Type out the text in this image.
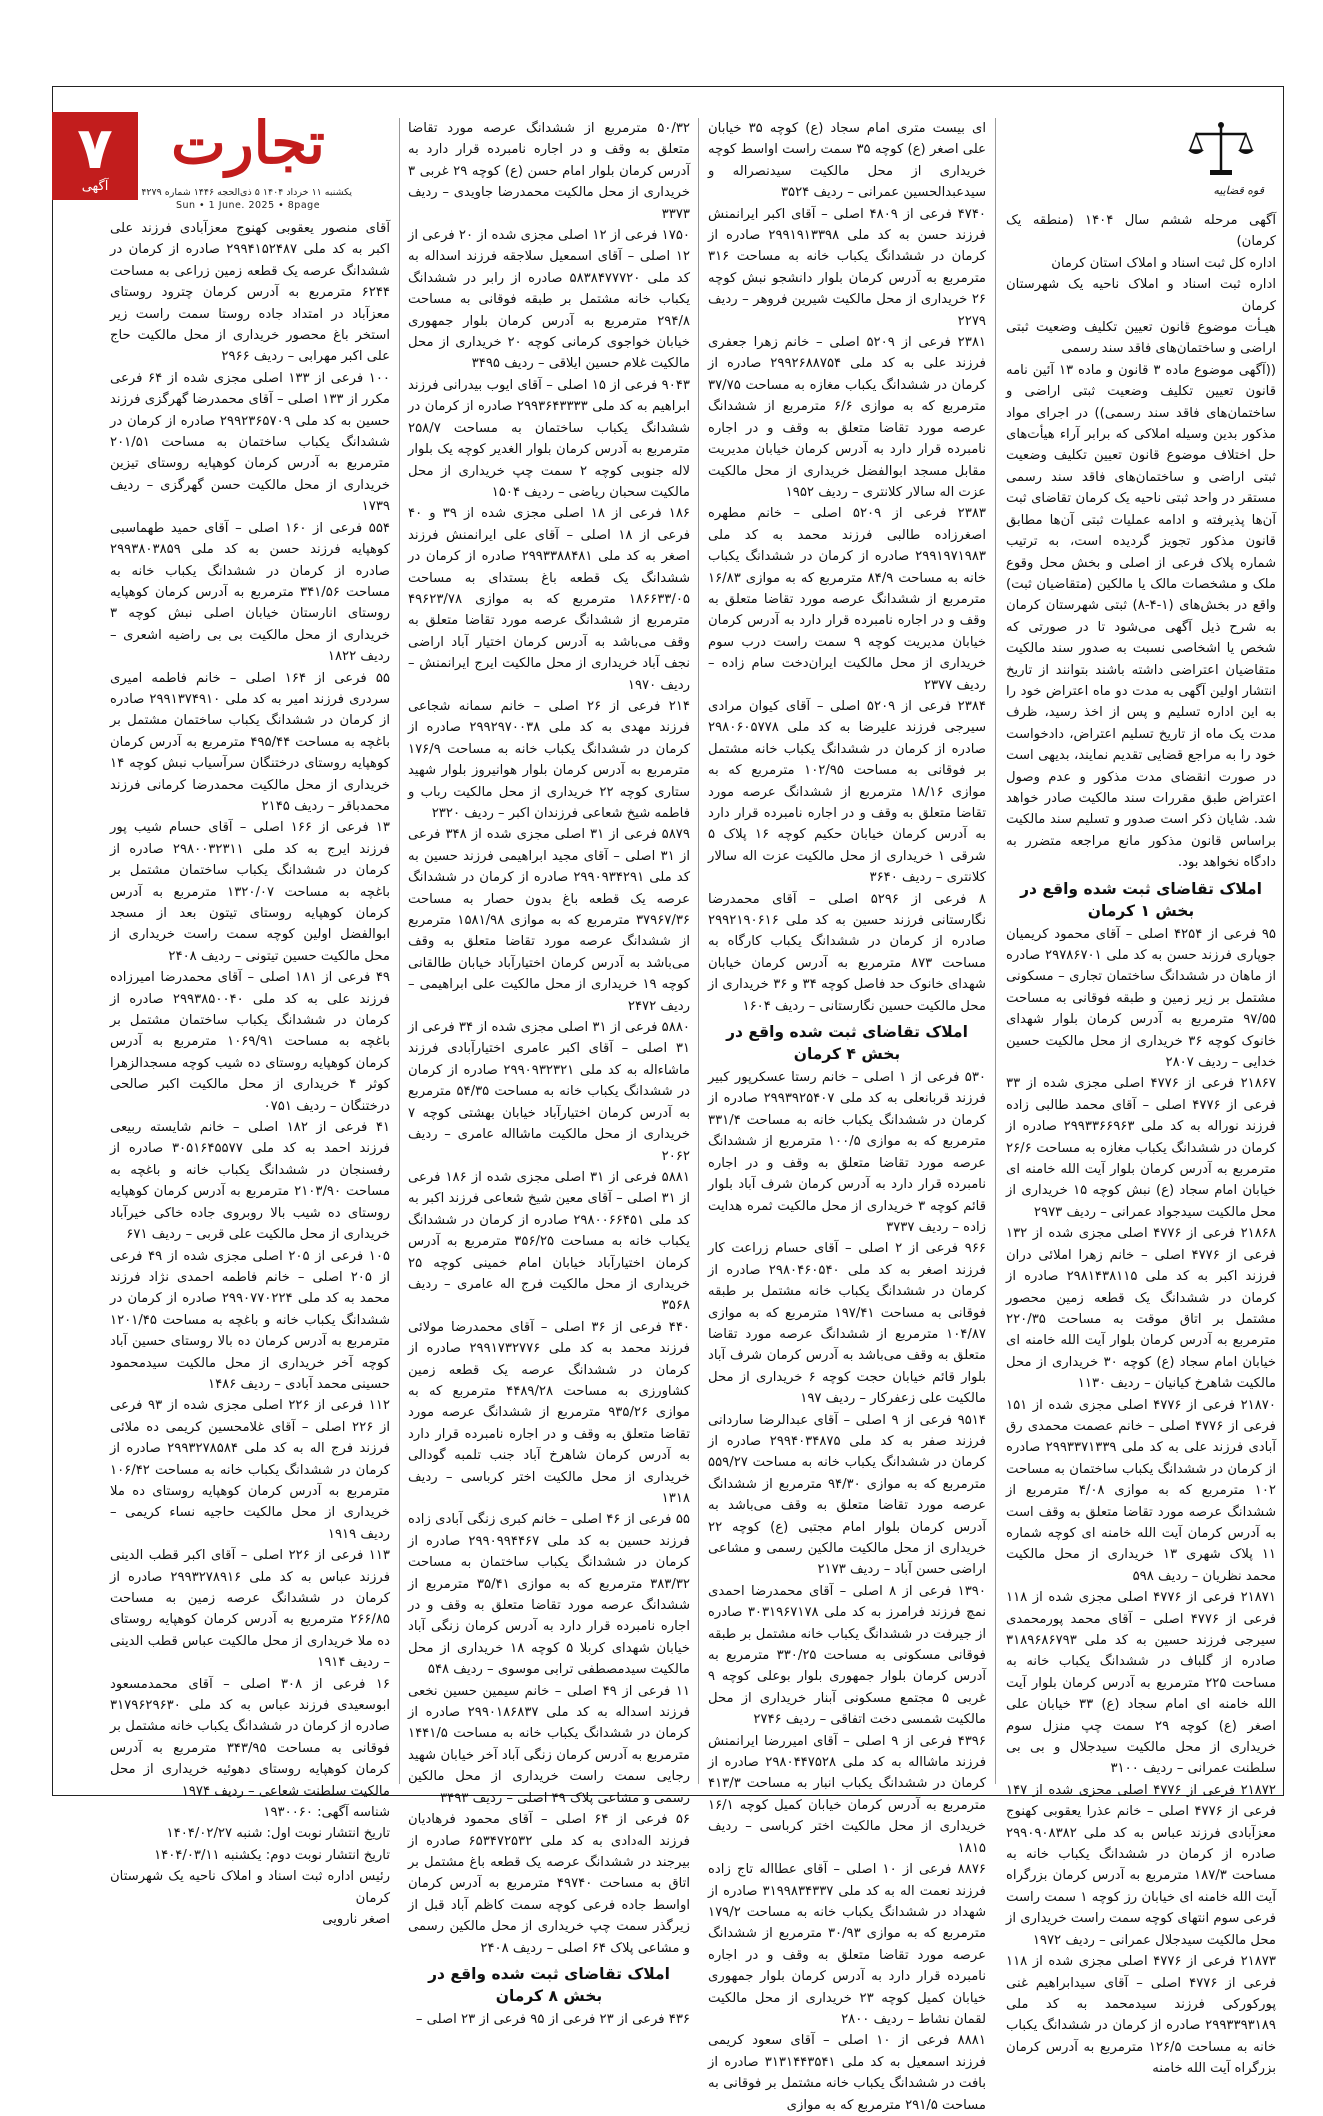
۷
آگهی
تجارت
یکشنبه ۱۱ خرداد ۱۴۰۴ ۵ ذی‌الحجه ۱۴۴۶ شماره ۴۲۷۹
Sun • 1 June. 2025 • 8page
قوه قضاییه

آگهی مرحله ششم سال ۱۴۰۴ (منطقه یک کرمان)

اداره کل ثبت اسناد و املاک استان کرمان

اداره ثبت اسناد و املاک ناحیه یک شهرستان کرمان

هیـأت موضوع قانون تعیین تکلیف وضعیت ثبتی اراضی و ساختمان‌های فاقد سند رسمی

((آگهی موضوع ماده ۳ قانون و ماده ۱۳ آئین نامه قانون تعیین تکلیف وضعیت ثبتی اراضی و ساختمان‌های فاقد سند رسمی)) در اجرای مواد مذکور بدین وسیله املاکی که برابر آراء هیأت‌های حل اختلاف موضوع قانون تعیین تکلیف وضعیت ثبتی اراضی و ساختمان‌های فاقد سند رسمی مستقر در واحد ثبتی ناحیه یک کرمان تقاضای ثبت آن‌ها پذیرفته و ادامه عملیات ثبتی آن‌ها مطابق قانون مذکور تجویز گردیده است، به ترتیب شماره پلاک فرعی از اصلی و بخش محل وقوع ملک و مشخصات مالک یا مالکین (متقاضیان ثبت) واقع در بخش‌های (۱-۴-۸) ثبتی شهرستان کرمان به شرح ذیل آگهی می‌شود تا در صورتی که شخص یا اشخاصی نسبت به صدور سند مالکیت متقاضیان اعتراضی داشته باشند بتوانند از تاریخ انتشار اولین آگهی به مدت دو ماه اعتراض خود را به این اداره تسلیم و پس از اخذ رسید، ظرف مدت یک ماه از تاریخ تسلیم اعتراض، دادخواست خود را به مراجع قضایی تقدیم نمایند، بدیهی است در صورت انقضای مدت مذکور و عدم وصول اعتراض طبق مقررات سند مالکیت صادر خواهد شد. شایان ذکر است صدور و تسلیم سند مالکیت براساس قانون مذکور مانع مراجعه متضرر به دادگاه نخواهد بود.

املاک تقاضای ثبت شده واقع در بخش ۱ کرمان

۹۵ فرعی از ۴۲۵۴ اصلی – آقای محمود کریمیان جوپاری فرزند حسن به کد ملی ۲۹۷۸۶۷۰۱ صادره از ماهان در ششدانگ ساختمان تجاری – مسکونی مشتمل بر زیر زمین و طبقه فوقانی به مساحت ۹۷/۵۵ مترمربع به آدرس کرمان بلوار شهدای خانوک کوچه ۳۶ خریداری از محل مالکیت حسین خدایی – ردیف ۲۸۰۷

۲۱۸۶۷ فرعی از ۴۷۷۶ اصلی مجزی شده از ۳۳ فرعی از ۴۷۷۶ اصلی – آقای محمد طالبی زاده فرزند نوراله به کد ملی ۲۹۹۳۳۶۶۹۶۳ صادره از کرمان در ششدانگ یکباب مغازه به مساحت ۲۶/۶ مترمربع به آدرس کرمان بلوار آیت الله خامنه ای خیابان امام سجاد (ع) نبش کوچه ۱۵ خریداری از محل مالکیت سیدجواد عمرانی – ردیف ۲۹۷۳

۲۱۸۶۸ فرعی از ۴۷۷۶ اصلی مجزی شده از ۱۳۲ فرعی از ۴۷۷۶ اصلی – خانم زهرا املائی دران فرزند اکبر به کد ملی ۲۹۸۱۴۳۸۱۱۵ صادره از کرمان در ششدانگ یک قطعه زمین محصور مشتمل بر اتاق موقت به مساحت ۲۲۰/۳۵ مترمربع به آدرس کرمان بلوار آیت الله خامنه ای خیابان امام سجاد (ع) کوچه ۳۰ خریداری از محل مالکیت شاهرخ کیانیان – ردیف ۱۱۳۰

۲۱۸۷۰ فرعی از ۴۷۷۶ اصلی مجزی شده از ۱۵۱ فرعی از ۴۷۷۶ اصلی – خانم عصمت محمدی رق آبادی فرزند علی به کد ملی ۲۹۹۳۳۷۱۳۳۹ صادره از کرمان در ششدانگ یکباب ساختمان به مساحت ۱۰۲ مترمربع که به موازی ۴/۰۸ مترمربع از ششدانگ عرصه مورد تقاضا متعلق به وقف است به آدرس کرمان آیت الله خامنه ای کوچه شماره ۱۱ پلاک شهری ۱۳ خریداری از محل مالکیت محمد نظریان – ردیف ۵۹۸

۲۱۸۷۱ فرعی از ۴۷۷۶ اصلی مجزی شده از ۱۱۸ فرعی از ۴۷۷۶ اصلی – آقای محمد پورمحمدی سیرجی فرزند حسین به کد ملی ۳۱۸۹۶۸۶۷۹۳ صادره از گلباف در ششدانگ یکباب خانه به مساحت ۲۲۵ مترمربع به آدرس کرمان بلوار آیت الله خامنه ای امام سجاد (ع) ۳۳ خیابان علی اصغر (ع) کوچه ۲۹ سمت چپ منزل سوم خریداری از محل مالکیت سیدجلال و بی بی سلطنت عمرانی – ردیف ۳۱۰۰

۲۱۸۷۲ فرعی از ۴۷۷۶ اصلی مجزی شده از ۱۴۷ فرعی از ۴۷۷۶ اصلی – خانم عذرا یعقوبی کهنوج معزآبادی فرزند عباس به کد ملی ۲۹۹۰۹۰۸۳۸۲ صادره از کرمان در ششدانگ یکباب خانه به مساحت ۱۸۷/۳ مترمربع به آدرس کرمان بزرگراه آیت الله خامنه ای خیابان رز کوچه ۱ سمت راست فرعی سوم انتهای کوچه سمت راست خریداری از محل مالکیت سیدجلال عمرانی – ردیف ۱۹۷۲

۲۱۸۷۳ فرعی از ۴۷۷۶ اصلی مجزی شده از ۱۱۸ فرعی از ۴۷۷۶ اصلی – آقای سیدابراهیم غنی پورکورکی فرزند سیدمحمد به کد ملی ۲۹۹۳۳۹۳۱۸۹ صادره از کرمان در ششدانگ یکباب خانه به مساحت ۱۲۶/۵ مترمربع به آدرس کرمان بزرگراه آیت الله خامنه

ای بیست متری امام سجاد (ع) کوچه ۳۵ خیابان علی اصغر (ع) کوچه ۳۵ سمت راست اواسط کوچه خریداری از محل مالکیت سیدنصراله و سیدعبدالحسین عمرانی – ردیف ۳۵۲۴

۴۷۴۰ فرعی از ۴۸۰۹ اصلی – آقای اکبر ایرانمنش فرزند حسن به کد ملی ۲۹۹۱۹۱۳۳۹۸ صادره از کرمان در ششدانگ یکباب خانه به مساحت ۳۱۶ مترمربع به آدرس کرمان بلوار دانشجو نبش کوچه ۲۶ خریداری از محل مالکیت شیرین فروهر – ردیف ۲۲۷۹

۲۳۸۱ فرعی از ۵۲۰۹ اصلی – خانم زهرا جعفری فرزند علی به کد ملی ۲۹۹۲۶۸۸۷۵۴ صادره از کرمان در ششدانگ یکباب مغازه به مساحت ۳۷/۷۵ مترمربع که به موازی ۶/۶ مترمربع از ششدانگ عرصه مورد تقاضا متعلق به وقف و در اجاره نامبرده قرار دارد به آدرس کرمان خیابان مدیریت مقابل مسجد ابوالفضل خریداری از محل مالکیت عزت اله سالار کلانتری – ردیف ۱۹۵۲

۲۳۸۳ فرعی از ۵۲۰۹ اصلی – خانم مطهره اصغرزاده طالبی فرزند محمد به کد ملی ۲۹۹۱۹۷۱۹۸۳ صادره از کرمان در ششدانگ یکباب خانه به مساحت ۸۴/۹ مترمربع که به موازی ۱۶/۸۳ مترمربع از ششدانگ عرصه مورد تقاضا متعلق به وقف و در اجاره نامبرده قرار دارد به آدرس کرمان خیابان مدیریت کوچه ۹ سمت راست درب سوم خریداری از محل مالکیت ایران‌دخت سام زاده – ردیف ۲۳۷۷

۲۳۸۴ فرعی از ۵۲۰۹ اصلی – آقای کیوان مرادی سیرجی فرزند علیرضا به کد ملی ۲۹۸۰۶۰۵۷۷۸ صادره از کرمان در ششدانگ یکباب خانه مشتمل بر فوقانی به مساحت ۱۰۲/۹۵ مترمربع که به موازی ۱۸/۱۶ مترمربع از ششدانگ عرصه مورد تقاضا متعلق به وقف و در اجاره نامبرده قرار دارد به آدرس کرمان خیابان حکیم کوچه ۱۶ پلاک ۵ شرقی ۱ خریداری از محل مالکیت عزت اله سالار کلانتری – ردیف ۳۶۴۰

۸ فرعی از ۵۲۹۶ اصلی – آقای محمدرضا نگارستانی فرزند حسین به کد ملی ۲۹۹۲۱۹۰۶۱۶ صادره از کرمان در ششدانگ یکباب کارگاه به مساحت ۸۷۳ مترمربع به آدرس کرمان خیابان شهدای خانوک حد فاصل کوچه ۳۴ و ۳۶ خریداری از محل مالکیت حسین نگارستانی – ردیف ۱۶۰۴

املاک تقاضای ثبت شده واقع در بخش ۴ کرمان

۵۳۰ فرعی از ۱ اصلی – خانم رستا عسکرپور کبیر فرزند قربانعلی به کد ملی ۲۹۹۳۹۲۵۴۰۷ صادره از کرمان در ششدانگ یکباب خانه به مساحت ۳۳۱/۴ مترمربع که به موازی ۱۰۰/۵ مترمربع از ششدانگ عرصه مورد تقاضا متعلق به وقف و در اجاره نامبرده قرار دارد به آدرس کرمان شرف آباد بلوار قائم کوچه ۳ خریداری از محل مالکیت ثمره هدایت زاده – ردیف ۳۷۳۷

۹۶۶ فرعی از ۲ اصلی – آقای حسام زراعت کار فرزند اصغر به کد ملی ۲۹۸۰۴۶۰۵۴۰ صادره از کرمان در ششدانگ یکباب خانه مشتمل بر طبقه فوقانی به مساحت ۱۹۷/۴۱ مترمربع که به موازی ۱۰۴/۸۷ مترمربع از ششدانگ عرصه مورد تقاضا متعلق به وقف می‌باشد به آدرس کرمان شرف آباد بلوار قائم خیابان حجت کوچه ۶ خریداری از محل مالکیت علی زعفرکار – ردیف ۱۹۷

۹۵۱۴ فرعی از ۹ اصلی – آقای عبدالرضا ساردانی فرزند صفر به کد ملی ۲۹۹۴۰۳۴۸۷۵ صادره از کرمان در ششدانگ یکباب خانه به مساحت ۵۵۹/۲۷ مترمربع که به موازی ۹۴/۳۰ مترمربع از ششدانگ عرصه مورد تقاضا متعلق به وقف می‌باشد به آدرس کرمان بلوار امام مجتبی (ع) کوچه ۲۲ خریداری از محل مالکیت مالکین رسمی و مشاعی اراضی حسن آباد – ردیف ۲۱۷۳

۱۳۹۰ فرعی از ۸ اصلی – آقای محمدرضا احمدی نمچ فرزند فرامرز به کد ملی ۳۰۳۱۹۶۷۱۷۸ صادره از جیرفت در ششدانگ یکباب خانه مشتمل بر طبقه فوقانی مسکونی به مساحت ۳۳۰/۲۵ مترمربع به آدرس کرمان بلوار جمهوری بلوار بوعلی کوچه ۹ غربی ۵ مجتمع مسکونی آبنار خریداری از محل مالکیت شمسی دخت اتفاقی – ردیف ۲۷۴۶

۴۳۹۶ فرعی از ۹ اصلی – آقای امیررضا ایرانمنش فرزند ماشااله به کد ملی ۲۹۸۰۴۴۷۵۲۸ صادره از کرمان در ششدانگ یکباب انبار به مساحت ۴۱۳/۳ مترمربع به آدرس کرمان خیابان کمیل کوچه ۱۶/۱ خریداری از محل مالکیت اختر کرباسی – ردیف ۱۸۱۵

۸۸۷۶ فرعی از ۱۰ اصلی – آقای عطااله تاج زاده فرزند نعمت اله به کد ملی ۳۱۹۹۸۳۴۳۳۷ صادره از شهداد در ششدانگ یکباب خانه به مساحت ۱۷۹/۲ مترمربع که به موازی ۳۰/۹۳ مترمربع از ششدانگ عرصه مورد تقاضا متعلق به وقف و در اجاره نامبرده قرار دارد به آدرس کرمان بلوار جمهوری خیابان کمیل کوچه ۲۳ خریداری از محل مالکیت لقمان نشاط – ردیف ۲۸۰۰

۸۸۸۱ فرعی از ۱۰ اصلی – آقای سعود کریمی فرزند اسمعیل به کد ملی ۳۱۳۱۴۴۳۵۴۱ صادره از بافت در ششدانگ یکباب خانه مشتمل بر فوقانی به مساحت ۲۹۱/۵ مترمربع که به موازی

۵۰/۳۲ مترمربع از ششدانگ عرصه مورد تقاضا متعلق به وقف و در اجاره نامبرده قرار دارد به آدرس کرمان بلوار امام حسن (ع) کوچه ۲۹ غربی ۳ خریداری از محل مالکیت محمدرضا جاویدی – ردیف ۳۳۷۳

۱۷۵۰ فرعی از ۱۲ اصلی مجزی شده از ۲۰ فرعی از ۱۲ اصلی – آقای اسمعیل سلاجقه فرزند اسداله به کد ملی ۵۸۳۸۴۷۷۷۲۰ صادره از رابر در ششدانگ یکباب خانه مشتمل بر طبقه فوقانی به مساحت ۲۹۴/۸ مترمربع به آدرس کرمان بلوار جمهوری خیابان خواجوی کرمانی کوچه ۲۰ خریداری از محل مالکیت غلام حسین ایلاقی – ردیف ۳۴۹۵

۹۰۴۳ فرعی از ۱۵ اصلی – آقای ایوب بیدرانی فرزند ابراهیم به کد ملی ۲۹۹۳۶۴۳۳۳۳ صادره از کرمان در ششدانگ یکباب ساختمان به مساحت ۲۵۸/۷ مترمربع به آدرس کرمان بلوار الغدیر کوچه یک بلوار لاله جنوبی کوچه ۲ سمت چپ خریداری از محل مالکیت سحبان ریاضی – ردیف ۱۵۰۴

۱۸۶ فرعی از ۱۸ اصلی مجزی شده از ۳۹ و ۴۰ فرعی از ۱۸ اصلی – آقای علی ایرانمنش فرزند اصغر به کد ملی ۲۹۹۳۳۸۸۴۸۱ صادره از کرمان در ششدانگ یک قطعه باغ بستدای به مساحت ۱۸۶۶۳۳/۰۵ مترمربع که به موازی ۴۹۶۲۳/۷۸ مترمربع از ششدانگ عرصه مورد تقاضا متعلق به وقف می‌باشد به آدرس کرمان اختیار آباد اراضی نجف آباد خریداری از محل مالکیت ایرج ایرانمنش – ردیف ۱۹۷۰

۲۱۴ فرعی از ۲۶ اصلی – خانم سمانه شجاعی فرزند مهدی به کد ملی ۲۹۹۲۹۷۰۰۳۸ صادره از کرمان در ششدانگ یکباب خانه به مساحت ۱۷۶/۹ مترمربع به آدرس کرمان بلوار هوانیروز بلوار شهید ستاری کوچه ۲۲ خریداری از محل مالکیت رباب و فاطمه شیخ شعاعی فرزندان اکبر – ردیف ۲۳۲۰

۵۸۷۹ فرعی از ۳۱ اصلی مجزی شده از ۳۴۸ فرعی از ۳۱ اصلی – آقای مجید ابراهیمی فرزند حسین به کد ملی ۲۹۹۰۹۳۴۲۹۱ صادره از کرمان در ششدانگ عرصه یک قطعه باغ بدون حصار به مساحت ۳۷۹۶۷/۳۶ مترمربع که به موازی ۱۵۸۱/۹۸ مترمربع از ششدانگ عرصه مورد تقاضا متعلق به وقف می‌باشد به آدرس کرمان اختیارآباد خیابان طالقانی کوچه ۱۹ خریداری از محل مالکیت علی ابراهیمی – ردیف ۲۴۷۲

۵۸۸۰ فرعی از ۳۱ اصلی مجزی شده از ۳۴ فرعی از ۳۱ اصلی – آقای اکبر عامری اختیارآبادی فرزند ماشاءاله به کد ملی ۲۹۹۰۹۳۲۳۲۱ صادره از کرمان در ششدانگ یکباب خانه به مساحت ۵۴/۳۵ مترمربع به آدرس کرمان اختیارآباد خیابان بهشتی کوچه ۷ خریداری از محل مالکیت ماشااله عامری – ردیف ۲۰۶۲

۵۸۸۱ فرعی از ۳۱ اصلی مجزی شده از ۱۸۶ فرعی از ۳۱ اصلی – آقای معین شیخ شعاعی فرزند اکبر به کد ملی ۲۹۸۰۰۶۶۴۵۱ صادره از کرمان در ششدانگ یکباب خانه به مساحت ۳۵۶/۲۵ مترمربع به آدرس کرمان اختیارآباد خیابان امام خمینی کوچه ۲۵ خریداری از محل مالکیت فرج اله عامری – ردیف ۳۵۶۸

۴۴۰ فرعی از ۳۶ اصلی – آقای محمدرضا مولائی فرزند محمد به کد ملی ۲۹۹۱۷۳۲۷۷۶ صادره از کرمان در ششدانگ عرصه یک قطعه زمین کشاورزی به مساحت ۴۴۸۹/۲۸ مترمربع که به موازی ۹۳۵/۲۶ مترمربع از ششدانگ عرصه مورد تقاضا متعلق به وقف و در اجاره نامبرده قرار دارد به آدرس کرمان شاهرخ آباد جنب تلمبه گودالی خریداری از محل مالکیت اختر کرباسی – ردیف ۱۳۱۸

۵۵ فرعی از ۴۶ اصلی – خانم کبری زنگی آبادی زاده فرزند حسین به کد ملی ۲۹۹۰۹۹۴۴۶۷ صادره از کرمان در ششدانگ یکباب ساختمان به مساحت ۳۸۳/۳۲ مترمربع که به موازی ۳۵/۴۱ مترمربع از ششدانگ عرصه مورد تقاضا متعلق به وقف و در اجاره نامبرده قرار دارد به آدرس کرمان زنگی آباد خیابان شهدای کربلا ۵ کوچه ۱۸ خریداری از محل مالکیت سیدمصطفی ترابی موسوی – ردیف ۵۴۸

۱۱ فرعی از ۴۹ اصلی – خانم سیمین حسین نخعی فرزند اسداله به کد ملی ۲۹۹۰۱۸۶۸۳۷ صادره از کرمان در ششدانگ یکباب خانه به مساحت ۱۴۴۱/۵ مترمربع به آدرس کرمان زنگی آباد آخر خیابان شهید رجایی سمت راست خریداری از محل مالکین رسمی و مشاعی پلاک ۴۹ اصلی – ردیف ۳۴۹۳

۵۶ فرعی از ۶۴ اصلی – آقای محمود فرهادیان فرزند اله‌دادی به کد ملی ۶۵۳۴۷۲۵۳۲ صادره از بیرجند در ششدانگ عرصه یک قطعه باغ مشتمل بر اتاق به مساحت ۴۹۷۴۰ مترمربع به آدرس کرمان اواسط جاده فرعی کوچه سمت کاظم آباد قبل از زیرگذر سمت چپ خریداری از محل مالکین رسمی و مشاعی پلاک ۶۴ اصلی – ردیف ۲۴۰۸

املاک تقاضای ثبت شده واقع در بخش ۸ کرمان

۴۳۶ فرعی از ۲۳ فرعی از ۹۵ فرعی از ۲۳ اصلی –

آقای منصور یعقوبی کهنوج معزآبادی فرزند علی اکبر به کد ملی ۲۹۹۴۱۵۲۴۸۷ صادره از کرمان در ششدانگ عرصه یک قطعه زمین زراعی به مساحت ۶۲۴۴ مترمربع به آدرس کرمان چترود روستای معزآباد در امتداد جاده روستا سمت راست زیر استخر باغ محصور خریداری از محل مالکیت حاج علی اکبر مهرابی – ردیف ۲۹۶۶

۱۰۰ فرعی از ۱۳۳ اصلی مجزی شده از ۶۴ فرعی مکرر از ۱۳۳ اصلی – آقای محمدرضا گهرگزی فرزند حسین به کد ملی ۲۹۹۲۳۶۵۷۰۹ صادره از کرمان در ششدانگ یکباب ساختمان به مساحت ۲۰۱/۵۱ مترمربع به آدرس کرمان کوهپایه روستای تیزین خریداری از محل مالکیت حسن گهرگزی – ردیف ۱۷۳۹

۵۵۴ فرعی از ۱۶۰ اصلی – آقای حمید طهماسبی کوهپایه فرزند حسن به کد ملی ۲۹۹۳۸۰۳۸۵۹ صادره از کرمان در ششدانگ یکباب خانه به مساحت ۳۴۱/۵۶ مترمربع به آدرس کرمان کوهپایه روستای انارستان خیابان اصلی نبش کوچه ۳ خریداری از محل مالکیت بی بی راضیه اشعری – ردیف ۱۸۲۲

۵۵ فرعی از ۱۶۴ اصلی – خانم فاطمه امیری سردری فرزند امیر به کد ملی ۲۹۹۱۳۷۴۹۱۰ صادره از کرمان در ششدانگ یکباب ساختمان مشتمل بر باغچه به مساحت ۴۹۵/۴۴ مترمربع به آدرس کرمان کوهپایه روستای درختنگان سرآسیاب نبش کوچه ۱۴ خریداری از محل مالکیت محمدرضا کرمانی فرزند محمدباقر – ردیف ۲۱۴۵

۱۳ فرعی از ۱۶۶ اصلی – آقای حسام شیب پور فرزند ایرج به کد ملی ۲۹۸۰۰۳۲۳۱۱ صادره از کرمان در ششدانگ یکباب ساختمان مشتمل بر باغچه به مساحت ۱۳۲۰/۰۷ مترمربع به آدرس کرمان کوهپایه روستای تیتون بعد از مسجد ابوالفضل اولین کوچه سمت راست خریداری از محل مالکیت حسین تیتونی – ردیف ۲۴۰۸

۴۹ فرعی از ۱۸۱ اصلی – آقای محمدرضا امیرزاده فرزند علی به کد ملی ۲۹۹۳۸۵۰۰۴۰ صادره از کرمان در ششدانگ یکباب ساختمان مشتمل بر باغچه به مساحت ۱۰۶۹/۹۱ مترمربع به آدرس کرمان کوهپایه روستای ده شیب کوچه مسجدالزهرا کوثر ۴ خریداری از محل مالکیت اکبر صالحی درختنگان – ردیف ۰۷۵۱

۴۱ فرعی از ۱۸۲ اصلی – خانم شایسته ربیعی فرزند احمد به کد ملی ۳۰۵۱۶۴۵۵۷۷ صادره از رفسنجان در ششدانگ یکباب خانه و باغچه به مساحت ۲۱۰۳/۹۰ مترمربع به آدرس کرمان کوهپایه روستای ده شیب بالا روبروی جاده خاکی خیرآباد خریداری از محل مالکیت علی قربی – ردیف ۶۷۱

۱۰۵ فرعی از ۲۰۵ اصلی مجزی شده از ۴۹ فرعی از ۲۰۵ اصلی – خانم فاطمه احمدی نژاد فرزند محمد به کد ملی ۲۹۹۰۷۷۰۲۲۴ صادره از کرمان در ششدانگ یکباب خانه و باغچه به مساحت ۱۲۰۱/۴۵ مترمربع به آدرس کرمان ده بالا روستای حسین آباد کوچه آخر خریداری از محل مالکیت سیدمحمود حسینی محمد آبادی – ردیف ۱۴۸۶

۱۱۲ فرعی از ۲۲۶ اصلی مجزی شده از ۹۳ فرعی از ۲۲۶ اصلی – آقای غلامحسین کریمی ده ملائی فرزند فرج اله به کد ملی ۲۹۹۳۲۷۸۵۸۴ صادره از کرمان در ششدانگ یکباب خانه به مساحت ۱۰۶/۴۲ مترمربع به آدرس کرمان کوهپایه روستای ده ملا خریداری از محل مالکیت حاجیه نساء کریمی – ردیف ۱۹۱۹

۱۱۳ فرعی از ۲۲۶ اصلی – آقای اکبر قطب الدینی فرزند عباس به کد ملی ۲۹۹۳۲۷۸۹۱۶ صادره از کرمان در ششدانگ عرصه زمین به مساحت ۲۶۶/۸۵ مترمربع به آدرس کرمان کوهپایه روستای ده ملا خریداری از محل مالکیت عباس قطب الدینی – ردیف ۱۹۱۴

۱۶ فرعی از ۳۰۸ اصلی – آقای محمدمسعود ابوسعیدی فرزند عباس به کد ملی ۳۱۷۹۶۲۹۶۳۰ صادره از کرمان در ششدانگ یکباب خانه مشتمل بر فوقانی به مساحت ۳۴۳/۹۵ مترمربع به آدرس کرمان کوهپایه روستای دهوئیه خریداری از محل مالکیت سلطنت شعاعی – ردیف ۱۹۷۴

شناسه آگهی: ۱۹۳۰۰۶۰

تاریخ انتشار نوبت اول: شنبه ۱۴۰۴/۰۲/۲۷

تاریخ انتشار نوبت دوم: یکشنبه ۱۴۰۴/۰۳/۱۱

رئیس اداره ثبت اسناد و املاک ناحیه یک شهرستان کرمان

اصغر نارویی
